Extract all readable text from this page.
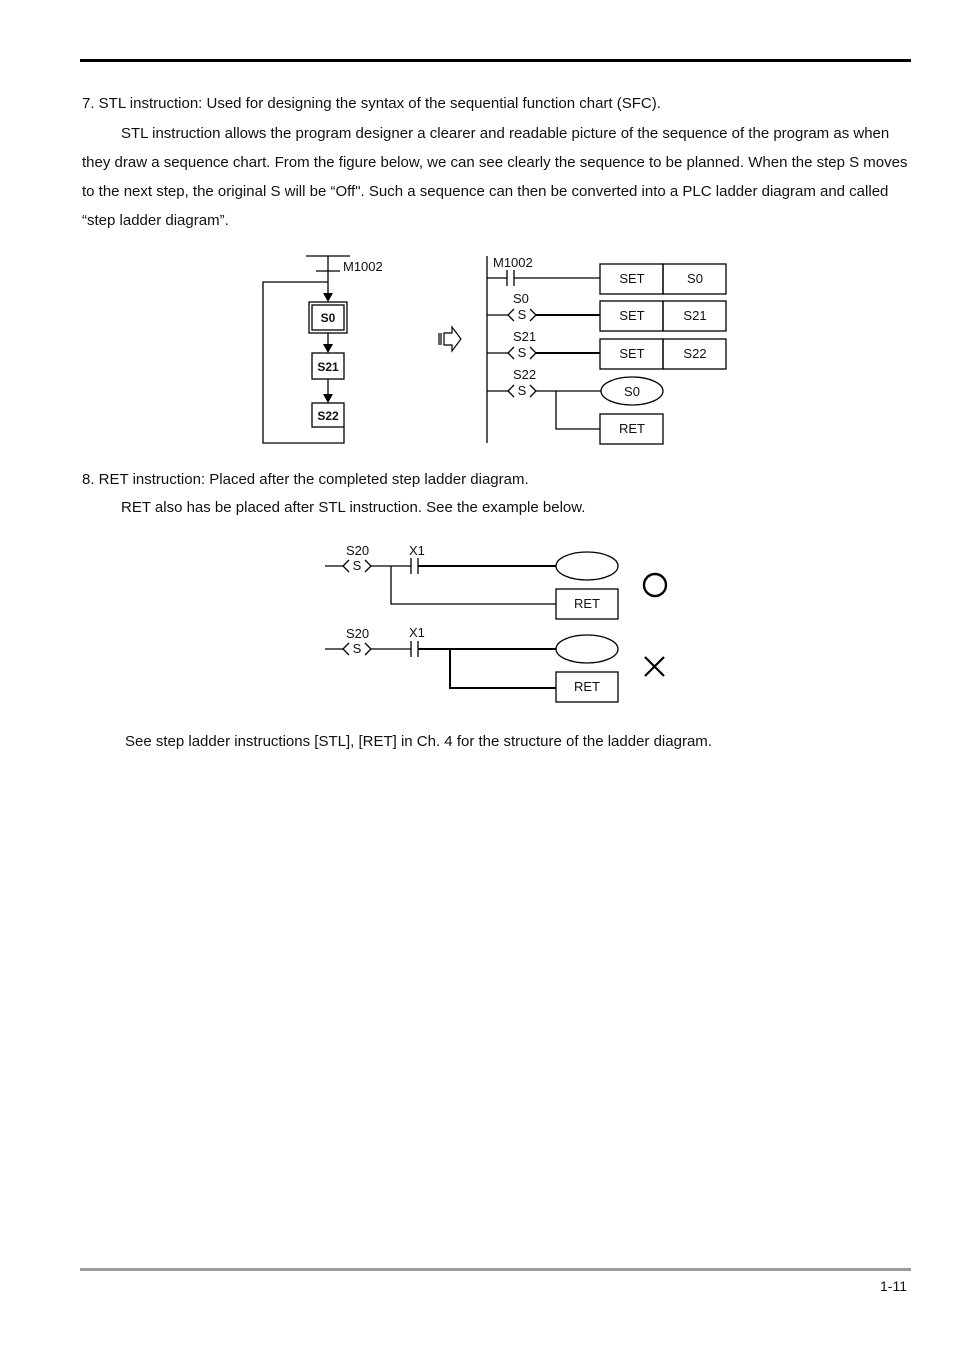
7. STL instruction: Used for designing the syntax of the sequential function chart (SFC).

STL instruction allows the program designer a clearer and readable picture of the sequence of the program as when they draw a sequence chart. From the figure below, we can see clearly the sequence to be planned. When the step S moves to the next step, the original S will be “Off". Such a sequence can then be converted into a PLC ladder diagram and called “step ladder diagram”.

M1002
S0
S21
S22
M1002
SET	S0
S0
S	SET	S21
S21
S	SET	S22
S22
S	S0
RET
8. RET instruction: Placed after the completed step ladder diagram.
RET also has be placed after STL instruction. See the example below.
S20
S
X1
RET
S20
S
X1
RET
See step ladder instructions [STL], [RET] in Ch. 4 for the structure of the ladder diagram.
1-11
